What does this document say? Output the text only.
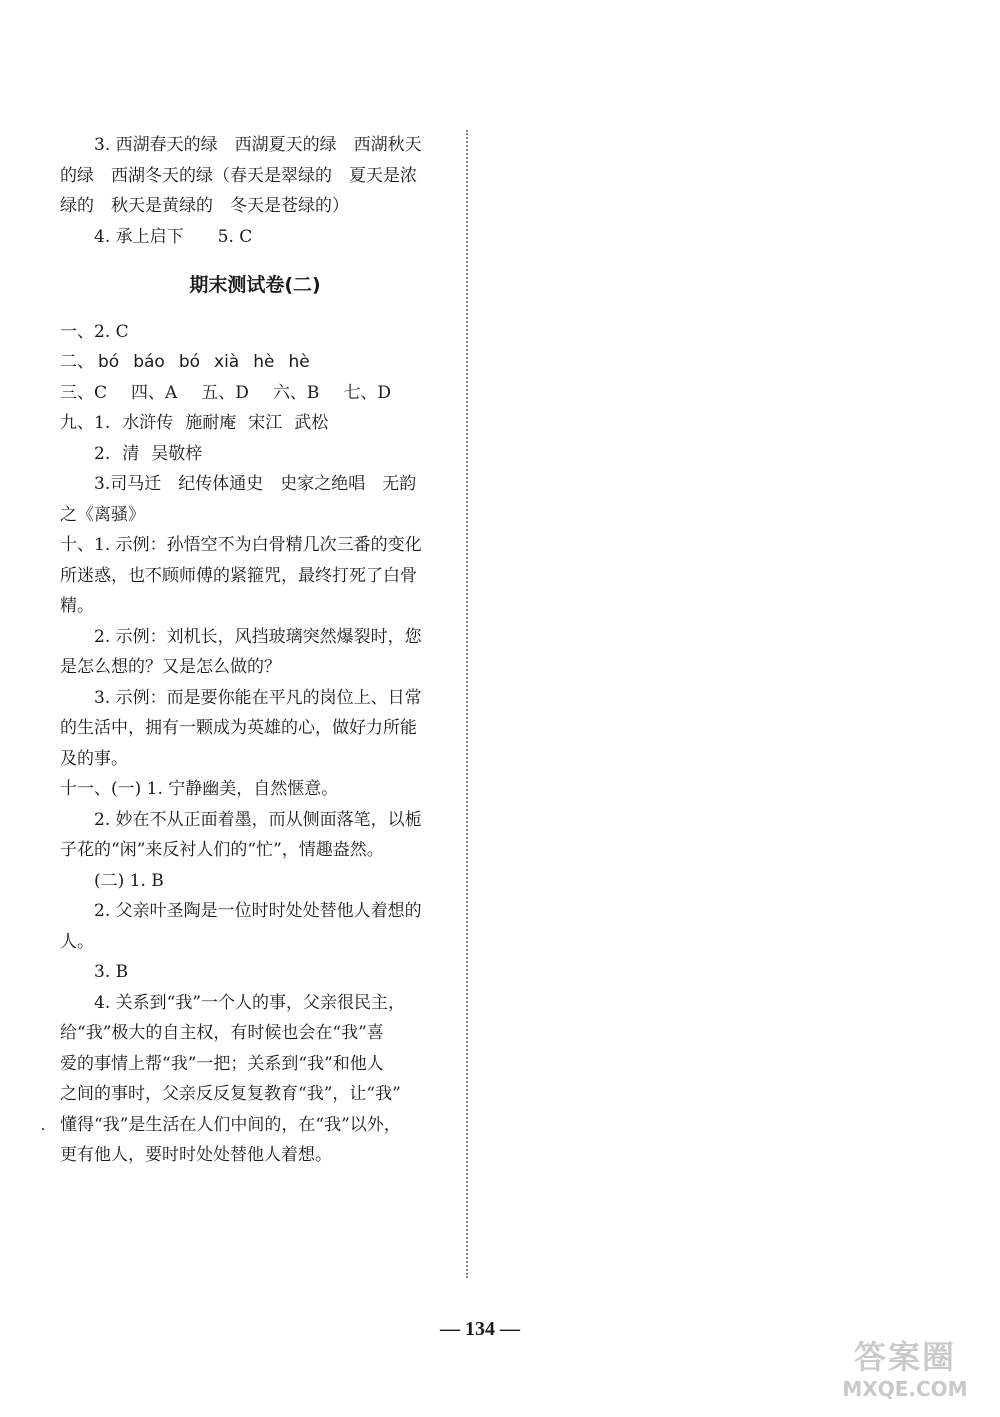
3. 西湖春天的绿　西湖夏天的绿　西湖秋天

的绿　西湖冬天的绿（春天是翠绿的　夏天是浓

绿的　秋天是黄绿的　冬天是苍绿的）

4. 承上启下　　 5. C

期末测试卷(二)

一、2. C

二、 bó báo bó xià hè hè

三、C 四、A 五、D 六、B 七、D

九、1. 水浒传 施耐庵 宋江 武松

2. 清 吴敬梓

3.司马迁　纪传体通史　史家之绝唱　无韵

之《离骚》

十、1. 示例：孙悟空不为白骨精几次三番的变化

所迷惑，也不顾师傅的紧箍咒，最终打死了白骨

精。

2. 示例：刘机长，风挡玻璃突然爆裂时，您

是怎么想的？又是怎么做的？

3. 示例：而是要你能在平凡的岗位上、日常

的生活中，拥有一颗成为英雄的心，做好力所能

及的事。

十一、(一) 1. 宁静幽美，自然惬意。

2. 妙在不从正面着墨，而从侧面落笔，以栀

子花的“闲”来反衬人们的“忙”，情趣盎然。

(二) 1. B

2. 父亲叶圣陶是一位时时处处替他人着想的

人。

3. B

4. 关系到“我”一个人的事，父亲很民主，

给“我”极大的自主权，有时候也会在“我”喜

爱的事情上帮“我”一把；关系到“我”和他人

之间的事时，父亲反反复复教育“我”，让“我”

懂得“我”是生活在人们中间的，在“我”以外，

更有他人，要时时处处替他人着想。

— 134 —
答案圈
MXQE.COM
